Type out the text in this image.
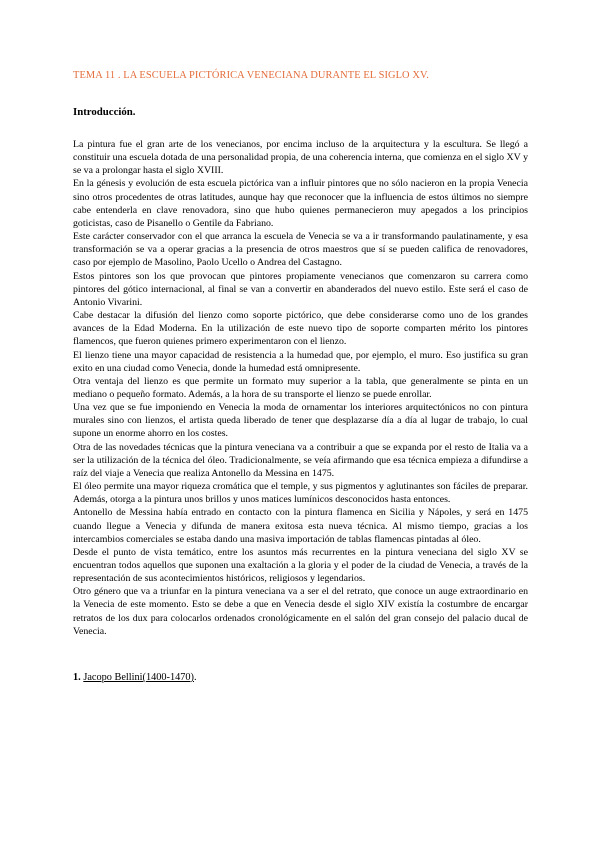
TEMA 11 . LA ESCUELA PICTÓRICA VENECIANA DURANTE EL SIGLO XV.
Introducción.

La pintura fue el gran arte de los venecianos, por encima incluso de la arquitectura y la escultura. Se llegó a constituir una escuela dotada de una personalidad propia, de una coherencia interna, que comienza en el siglo XV y se va a prolongar hasta el siglo XVIII.

En la génesis y evolución de esta escuela pictórica van a influir pintores que no sólo nacieron en la propia Venecia sino otros procedentes de otras latitudes, aunque hay que reconocer que la influencia de estos últimos no siempre cabe entenderla en clave renovadora, sino que hubo quienes permanecieron muy apegados a los principios goticistas, caso de Pisanello o Gentile da Fabriano.

Este carácter conservador con el que arranca la escuela de Venecia se va a ir transformando paulatinamente, y esa transformación se va a operar gracias a la presencia de otros maestros que sí se pueden califica de renovadores, caso por ejemplo de Masolino, Paolo Ucello o Andrea del Castagno.

Estos pintores son los que provocan que pintores propiamente venecianos que comenzaron su carrera como pintores del gótico internacional, al final se van a convertir en abanderados del nuevo estilo. Este será el caso de Antonio Vivarini.

Cabe destacar la difusión del lienzo como soporte pictórico, que debe considerarse como uno de los grandes avances de la Edad Moderna. En la utilización de este nuevo tipo de soporte comparten mérito los pintores flamencos, que fueron quienes primero experimentaron con el lienzo.

El lienzo tiene una mayor capacidad de resistencia a la humedad que, por ejemplo, el muro. Eso justifica su gran exito en una ciudad como Venecia, donde la humedad está omnipresente.

Otra ventaja del lienzo es que permite un formato muy superior a la tabla, que generalmente se pinta en un mediano o pequeño formato. Además, a la hora de su transporte el lienzo se puede enrollar.

Una vez que se fue imponiendo en Venecia la moda de ornamentar los interiores arquitectónicos no con pintura murales sino con lienzos, el artista queda liberado de tener que desplazarse día a día al lugar de trabajo, lo cual supone un enorme ahorro en los costes.

Otra de las novedades técnicas que la pintura veneciana va a contribuir a que se expanda por el resto de Italia va a ser la utilización de la técnica del óleo. Tradicionalmente, se veía afirmando que esa técnica empieza a difundirse a raíz del viaje a Venecia que realiza Antonello da Messina en 1475.

El óleo permite una mayor riqueza cromática que el temple, y sus pigmentos y aglutinantes son fáciles de preparar. Además, otorga a la pintura unos brillos y unos matices lumínicos desconocidos hasta entonces.

Antonello de Messina había entrado en contacto con la pintura flamenca en Sicilia y Nápoles, y será en 1475 cuando llegue a Venecia y difunda de manera exitosa esta nueva técnica. Al mismo tiempo, gracias a los intercambios comerciales se estaba dando una masiva importación de tablas flamencas pintadas al óleo.

Desde el punto de vista temático, entre los asuntos más recurrentes en la pintura veneciana del siglo XV se encuentran todos aquellos que suponen una exaltación a la gloria y el poder de la ciudad de Venecia, a través de la representación de sus acontecimientos históricos, religiosos y legendarios.

Otro género que va a triunfar en la pintura veneciana va a ser el del retrato, que conoce un auge extraordinario en la Venecia de este momento. Esto se debe a que en Venecia desde el siglo XIV existía la costumbre de encargar retratos de los dux para colocarlos ordenados cronológicamente en el salón del gran consejo del palacio ducal de Venecia.

1. Jacopo Bellini(1400-1470).
